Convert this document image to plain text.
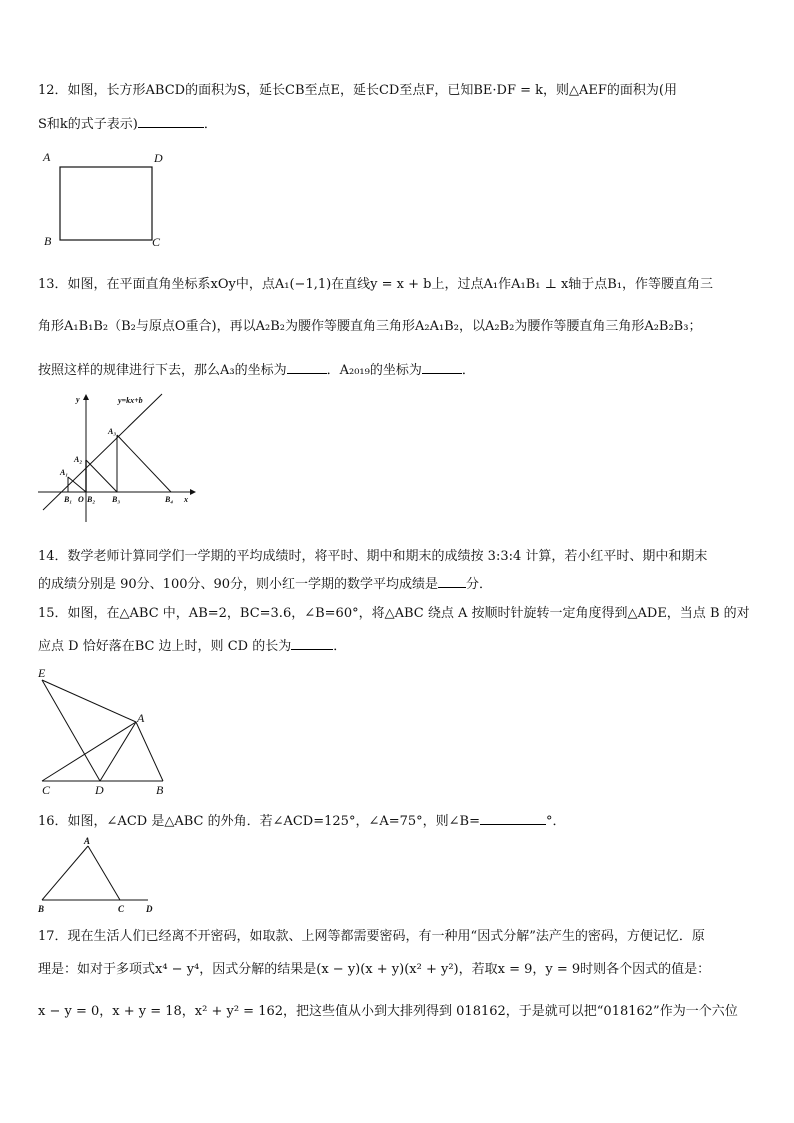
12．如图，长方形ABCD的面积为S，延长CB至点E，延长CD至点F，已知BE·DF = k，则△AEF的面积为(用
S和k的式子表示)	．
A	D
B	C
13．如图，在平面直角坐标系xOy中，点A₁(−1,1)在直线y = x + b上，过点A₁作A₁B₁ ⊥ x轴于点B₁，作等腰直角三
角形A₁B₁B₂（B₂与原点O重合)，再以A₂B₂为腰作等腰直角三角形A₂A₁B₂，以A₂B₂为腰作等腰直角三角形A₂B₂B₃；
按照这样的规律进行下去，那么A₃的坐标为	．A₂₀₁₉的坐标为	．
y	y=kx+b
A₁
A₂
A₃
B₁ O B₂ B₃	B₄ x
14．数学老师计算同学们一学期的平均成绩时，将平时、期中和期末的成绩按 3:3:4 计算，若小红平时、期中和期末
的成绩分别是 90分、100分、90分，则小红一学期的数学平均成绩是 分．
15．如图，在△ABC 中，AB=2，BC=3.6，∠B=60°，将△ABC 绕点 A 按顺时针旋转一定角度得到△ADE，当点 B 的对
应点 D 恰好落在BC 边上时，则 CD 的长为	．
E
A
C	D	B
16．如图，∠ACD 是△ABC 的外角．若∠ACD=125°，∠A=75°，则∠B=	°．
A
B	C D
17．现在生活人们已经离不开密码，如取款、上网等都需要密码，有一种用“因式分解”法产生的密码，方便记忆．原
理是：如对于多项式x⁴ − y⁴，因式分解的结果是(x − y)(x + y)(x² + y²)，若取x = 9，y = 9时则各个因式的值是：
x − y = 0，x + y = 18，x² + y² = 162，把这些值从小到大排列得到 018162，于是就可以把“018162”作为一个六位
